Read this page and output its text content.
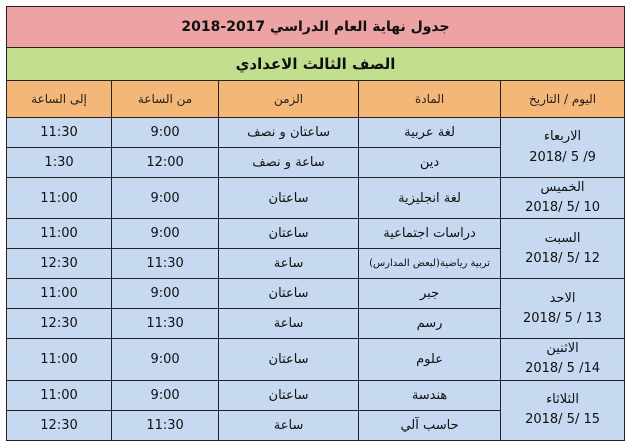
جدول نهاية العام الدراسي 2017-2018				
الصف الثالث الاعدادي				
اليوم / التاريخ	المادة	الزمن	من الساعة	إلى الساعة

الاربعاء
2018/ 5 /9	لغة عربية	ساعتان و نصف	9:00	11:30
	دين	ساعة و نصف	12:00	1:30

الخميس
2018/ 5/ 10	لغة انجليزية	ساعتان	9:00	11:00

السبت
2018/ 5/ 12	دراسات اجتماعية	ساعتان	9:00	11:00
	تربية رياضية(لبعض المدارس)	ساعة	11:30	12:30

الاحد
2018/ 5 / 13	جبر	ساعتان	9:00	11:00
	رسم	ساعة	11:30	12:30

الاثنين
2018/ 5 /14	علوم	ساعتان	9:00	11:00

الثلاثاء
2018/ 5/ 15	هندسة	ساعتان	9:00	11:00
	حاسب آلي	ساعة	11:30	12:30
